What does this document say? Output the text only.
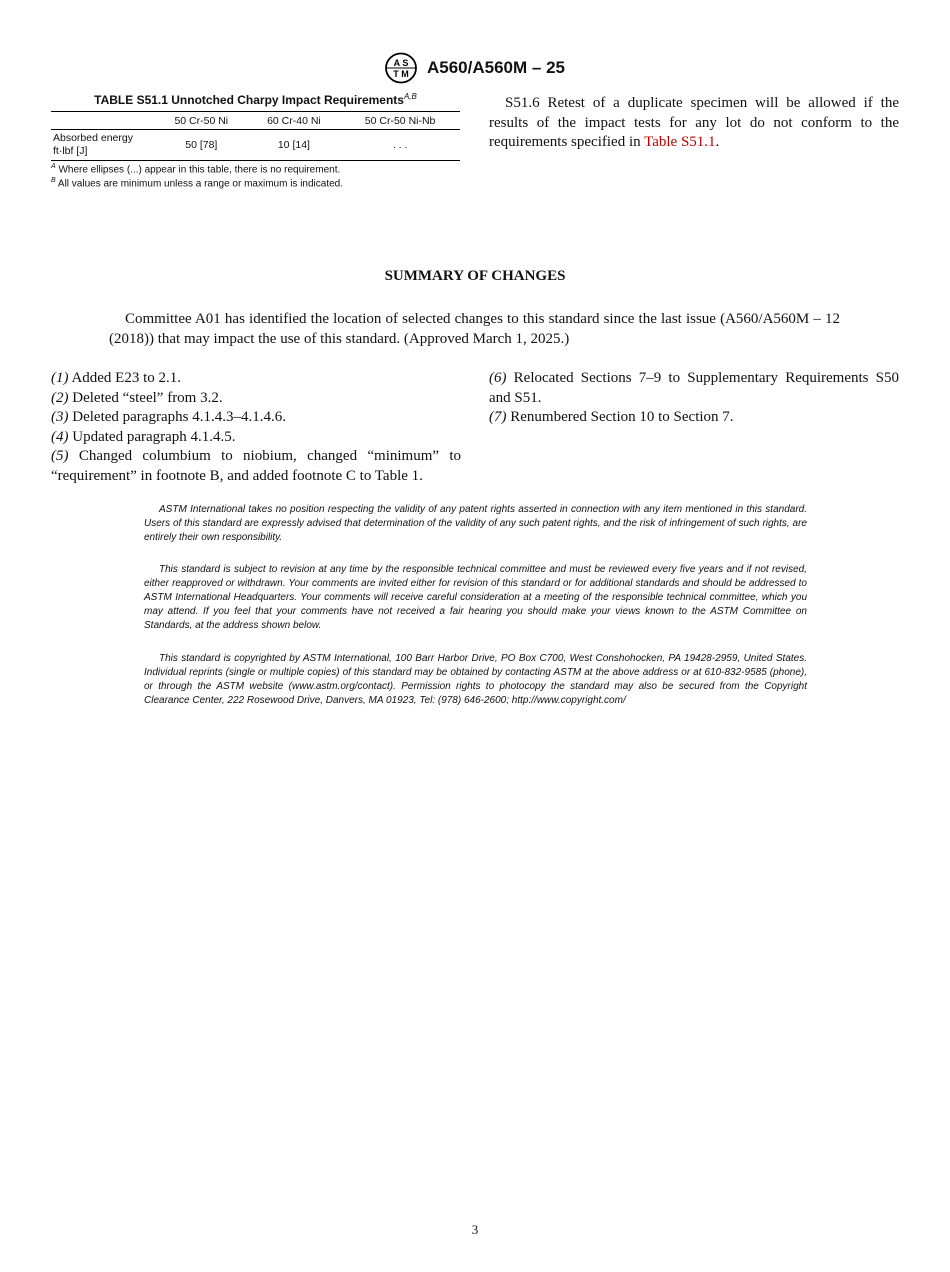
A S
T M A560/A560M – 25
TABLE S51.1 Unnotched Charpy Impact Requirements$^{A,B}$
	50 Cr-50 Ni	60 Cr-40 Ni	50 Cr-50 Ni-Nb
Absorbed energy
ft·lbf [J]	50 [78]	10 [14]	. . .
$^A$ Where ellipses (...) appear in this table, there is no requirement.
$^B$ All values are minimum unless a range or maximum is indicated.
S51.6 Retest of a duplicate specimen will be allowed if the results of the impact tests for any lot do not conform to the requirements specified in Table S51.1.
SUMMARY OF CHANGES
Committee A01 has identified the location of selected changes to this standard since the last issue (A560/A560M – 12 (2018)) that may impact the use of this standard. (Approved March 1, 2025.)

(1) Added E23 to 2.1.

(2) Deleted “steel” from 3.2.

(3) Deleted paragraphs 4.1.4.3–4.1.4.6.

(4) Updated paragraph 4.1.4.5.

(5) Changed columbium to niobium, changed “minimum” to “requirement” in footnote B, and added footnote C to Table 1.

(6) Relocated Sections 7–9 to Supplementary Requirements S50 and S51.

(7) Renumbered Section 10 to Section 7.

ASTM International takes no position respecting the validity of any patent rights asserted in connection with any item mentioned in this standard. Users of this standard are expressly advised that determination of the validity of any such patent rights, and the risk of infringement of such rights, are entirely their own responsibility.
This standard is subject to revision at any time by the responsible technical committee and must be reviewed every five years and if not revised, either reapproved or withdrawn. Your comments are invited either for revision of this standard or for additional standards and should be addressed to ASTM International Headquarters. Your comments will receive careful consideration at a meeting of the responsible technical committee, which you may attend. If you feel that your comments have not received a fair hearing you should make your views known to the ASTM Committee on Standards, at the address shown below.
This standard is copyrighted by ASTM International, 100 Barr Harbor Drive, PO Box C700, West Conshohocken, PA 19428-2959, United States. Individual reprints (single or multiple copies) of this standard may be obtained by contacting ASTM at the above address or at 610-832-9585 (phone), or through the ASTM website (www.astm.org/contact). Permission rights to photocopy the standard may also be secured from the Copyright Clearance Center, 222 Rosewood Drive, Danvers, MA 01923, Tel: (978) 646-2600; http://www.copyright.com/
3
